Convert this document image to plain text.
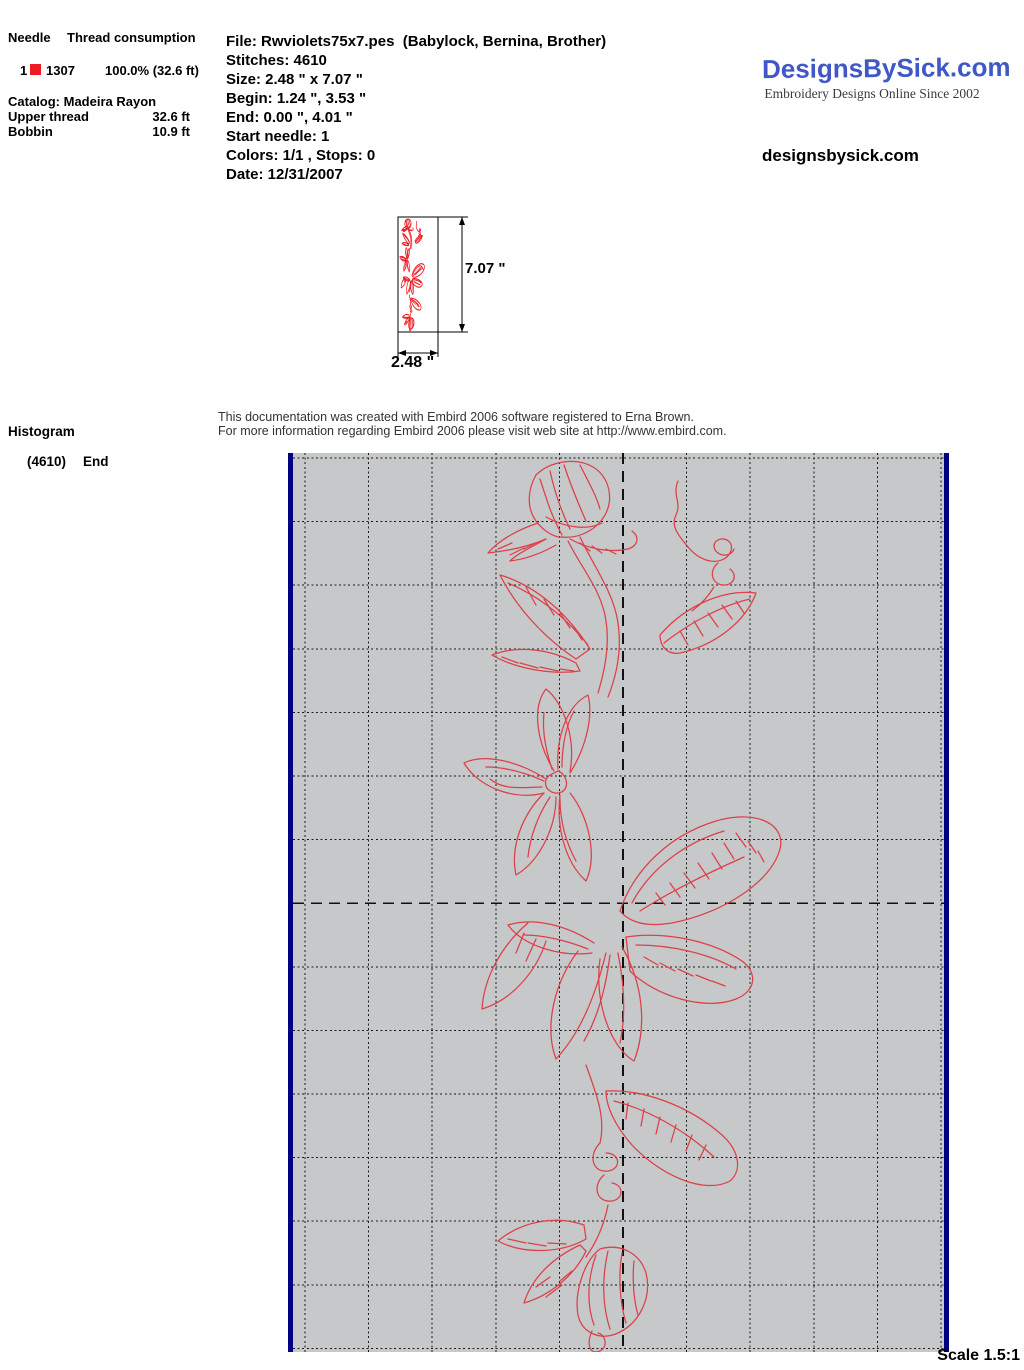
Needle Thread consumption
1 1307 100.0% (32.6 ft)
Catalog: Madeira Rayon
Upper thread	32.6 ft
Bobbin	10.9 ft
File: Rwviolets75x7.pes  (Babylock, Bernina, Brother)
Stitches: 4610
Size: 2.48 " x 7.07 "
Begin: 1.24 ", 3.53 "
End: 0.00 ", 4.01 "
Start needle: 1
Colors: 1/1 , Stops: 0
Date: 12/31/2007
DesignsBySick.com
Embroidery Designs Online Since 2002
designsbysick.com
7.07 "
2.48 "
Histogram
(4610) End
This documentation was created with Embird 2006 software registered to Erna Brown.
For more information regarding Embird 2006 please visit web site at http://www.embird.com.
Scale 1.5:1
